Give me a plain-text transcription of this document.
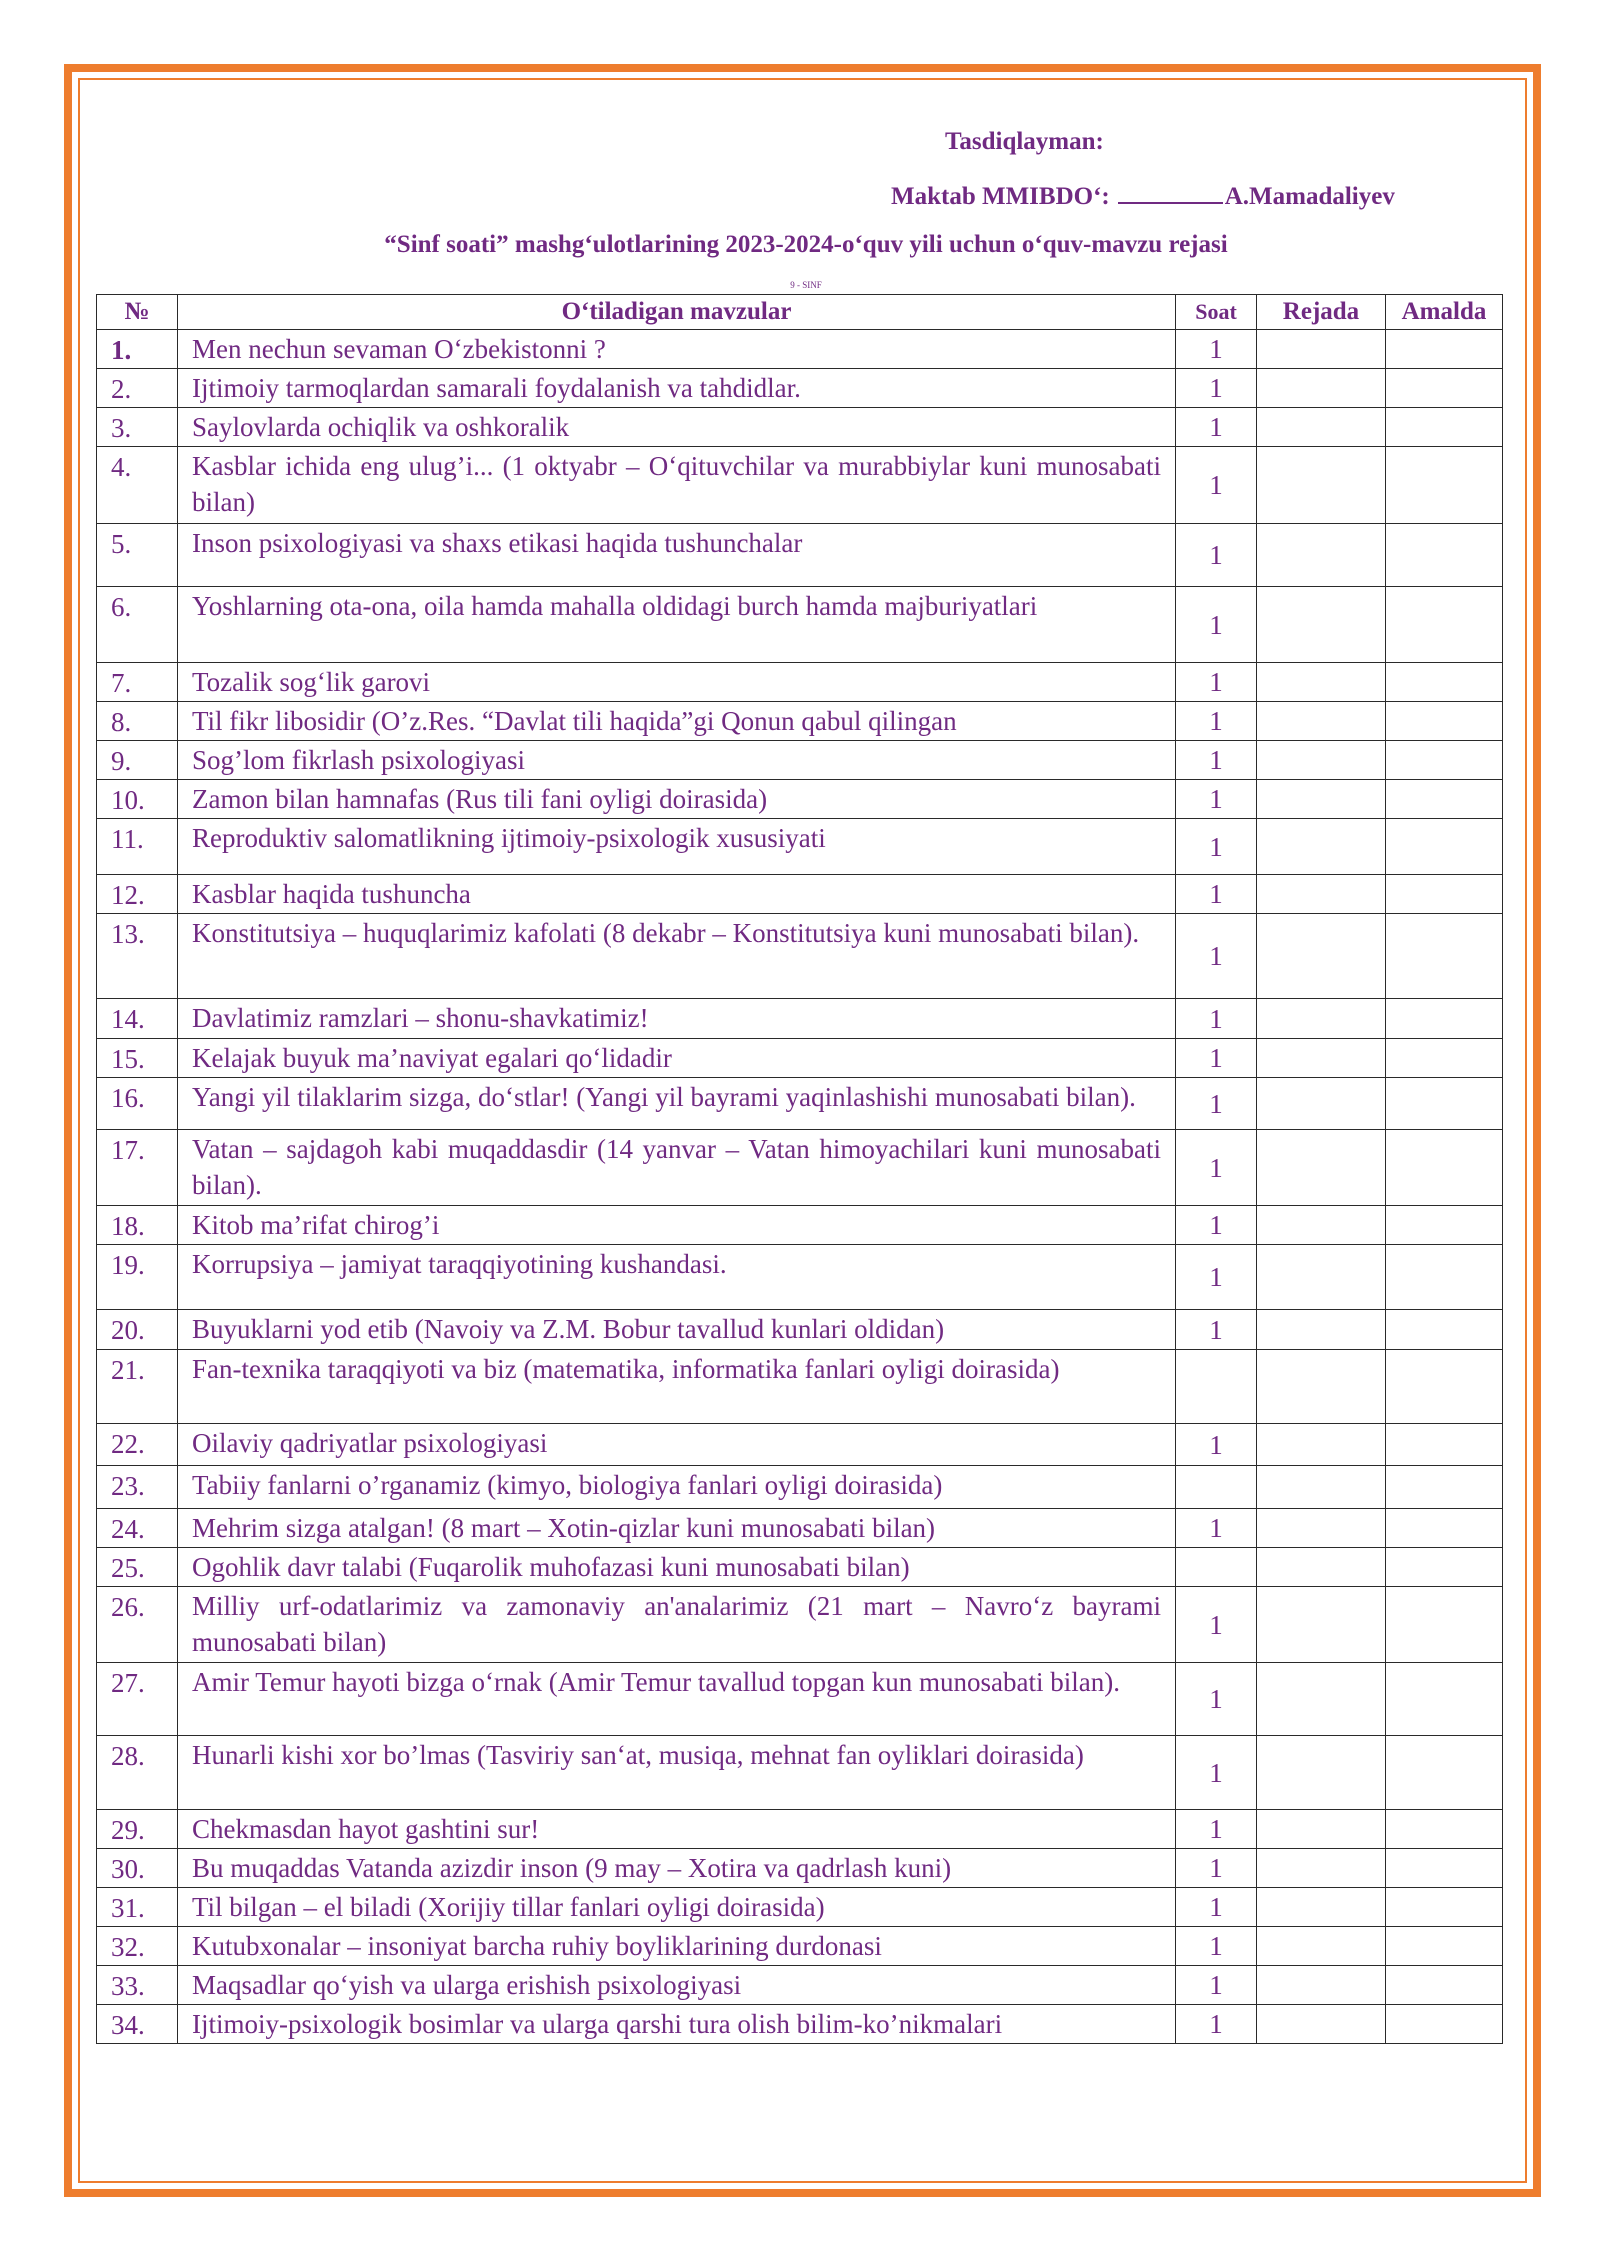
Tasdiqlayman:
Maktab MMIBDO‘:	A.Mamadaliyev
“Sinf soati” mashg‘ulotlarining 2023-2024-o‘quv yili uchun o‘quv-mavzu rejasi
9 - SINF
№	O‘tiladigan mavzular	Soat	Rejada	Amalda
1.	Men nechun sevaman O‘zbekistonni ?	1		
2.	Ijtimoiy tarmoqlardan samarali foydalanish va tahdidlar.	1		
3.	Saylovlarda ochiqlik va oshkoralik	1		
4.	Kasblar ichida eng ulug’i... (1 oktyabr – O‘qituvchilar va murabbiylar kuni munosabati bilan)	1		
5.	Inson psixologiyasi va shaxs etikasi haqida tushunchalar	1		
6.	Yoshlarning ota-ona, oila hamda mahalla oldidagi burch hamda majburiyatlari	1		
7.	Tozalik sog‘lik garovi	1		
8.	Til fikr libosidir (O’z.Res. “Davlat tili haqida”gi Qonun qabul qilingan	1		
9.	Sog’lom fikrlash psixologiyasi	1		
10.	Zamon bilan hamnafas (Rus tili fani oyligi doirasida)	1		
11.	Reproduktiv salomatlikning ijtimoiy-psixologik xususiyati	1		
12.	Kasblar haqida tushuncha	1		
13.	Konstitutsiya – huquqlarimiz kafolati (8 dekabr – Konstitutsiya kuni munosabati bilan).	1		
14.	Davlatimiz ramzlari – shonu-shavkatimiz!	1		
15.	Kelajak buyuk ma’naviyat egalari qo‘lidadir	1		
16.	Yangi yil tilaklarim sizga, do‘stlar! (Yangi yil bayrami yaqinlashishi munosabati bilan).	1		
17.	Vatan – sajdagoh kabi muqaddasdir (14 yanvar – Vatan himoyachilari kuni munosabati bilan).	1		
18.	Kitob ma’rifat chirog’i	1		
19.	Korrupsiya – jamiyat taraqqiyotining kushandasi.	1		
20.	Buyuklarni yod etib (Navoiy va Z.M. Bobur tavallud kunlari oldidan)	1		
21.	Fan-texnika taraqqiyoti va biz (matematika, informatika fanlari oyligi doirasida)			
22.	Oilaviy qadriyatlar psixologiyasi	1		
23.	Tabiiy fanlarni o’rganamiz (kimyo, biologiya fanlari oyligi doirasida)			
24.	Mehrim sizga atalgan! (8 mart – Xotin-qizlar kuni munosabati bilan)	1		
25.	Ogohlik davr talabi (Fuqarolik muhofazasi kuni munosabati bilan)			
26.	Milliy urf-odatlarimiz va zamonaviy an'analarimiz (21 mart – Navro‘z bayrami munosabati bilan)	1		
27.	Amir Temur hayoti bizga o‘rnak (Amir Temur tavallud topgan kun munosabati bilan).	1		
28.	Hunarli kishi xor bo’lmas (Tasviriy san‘at, musiqa, mehnat fan oyliklari doirasida)	1		
29.	Chekmasdan hayot gashtini sur!	1		
30.	Bu muqaddas Vatanda azizdir inson (9 may – Xotira va qadrlash kuni)	1		
31.	Til bilgan – el biladi (Xorijiy tillar fanlari oyligi doirasida)	1		
32.	Kutubxonalar – insoniyat barcha ruhiy boyliklarining durdonasi	1		
33.	Maqsadlar qo‘yish va ularga erishish psixologiyasi	1		
34.	Ijtimoiy-psixologik bosimlar va ularga qarshi tura olish bilim-ko’nikmalari	1		
